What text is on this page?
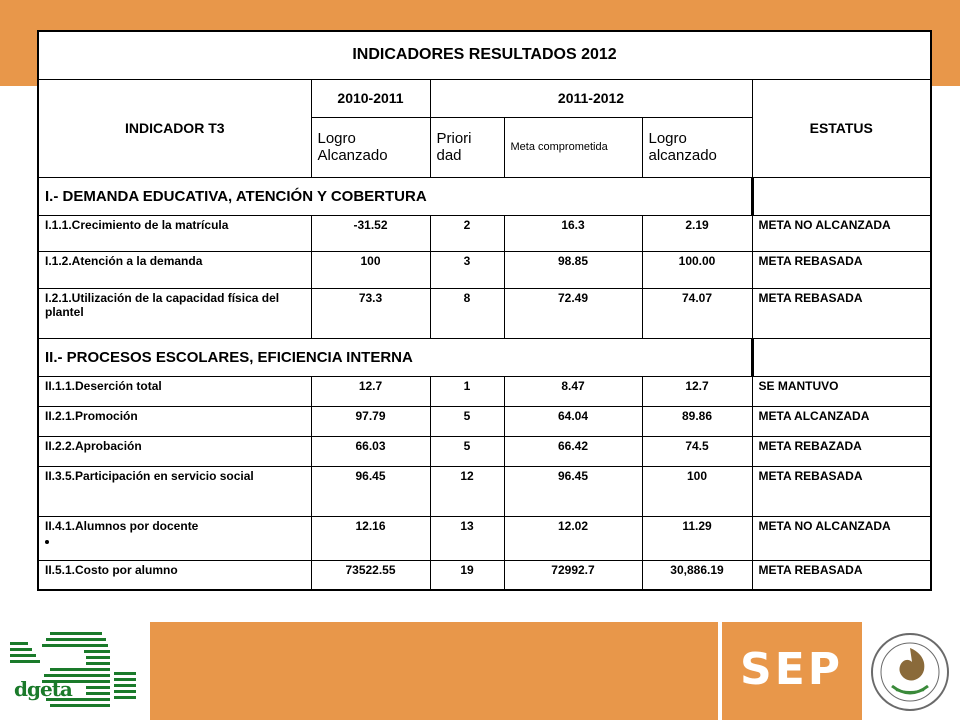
INDICADORES RESULTADOS 2012					
INDICADOR T3	2010-2011	2011-2012			ESTATUS
	Logro Alcanzado	Priori dad	Meta comprometida	Logro alcanzado	
I.- DEMANDA EDUCATIVA, ATENCIÓN Y COBERTURA					
I.1.1.Crecimiento de la matrícula	-31.52	2	16.3	2.19	META NO ALCANZADA
I.1.2.Atención a la demanda	100	3	98.85	100.00	META REBASADA
I.2.1.Utilización de la capacidad física del plantel	73.3	8	72.49	74.07	META REBASADA
II.- PROCESOS ESCOLARES, EFICIENCIA INTERNA					
II.1.1.Deserción total	12.7	1	8.47	12.7	SE MANTUVO
II.2.1.Promoción	97.79	5	64.04	89.86	META ALCANZADA
II.2.2.Aprobación	66.03	5	66.42	74.5	META REBAZADA
II.3.5.Participación en servicio social	96.45	12	96.45	100	META REBASADA
II.4.1.Alumnos por docente	12.16	13	12.02	11.29	META NO ALCANZADA
II.5.1.Costo por alumno	73522.55	19	72992.7	30,886.19	META REBASADA
dgeta	SEP
